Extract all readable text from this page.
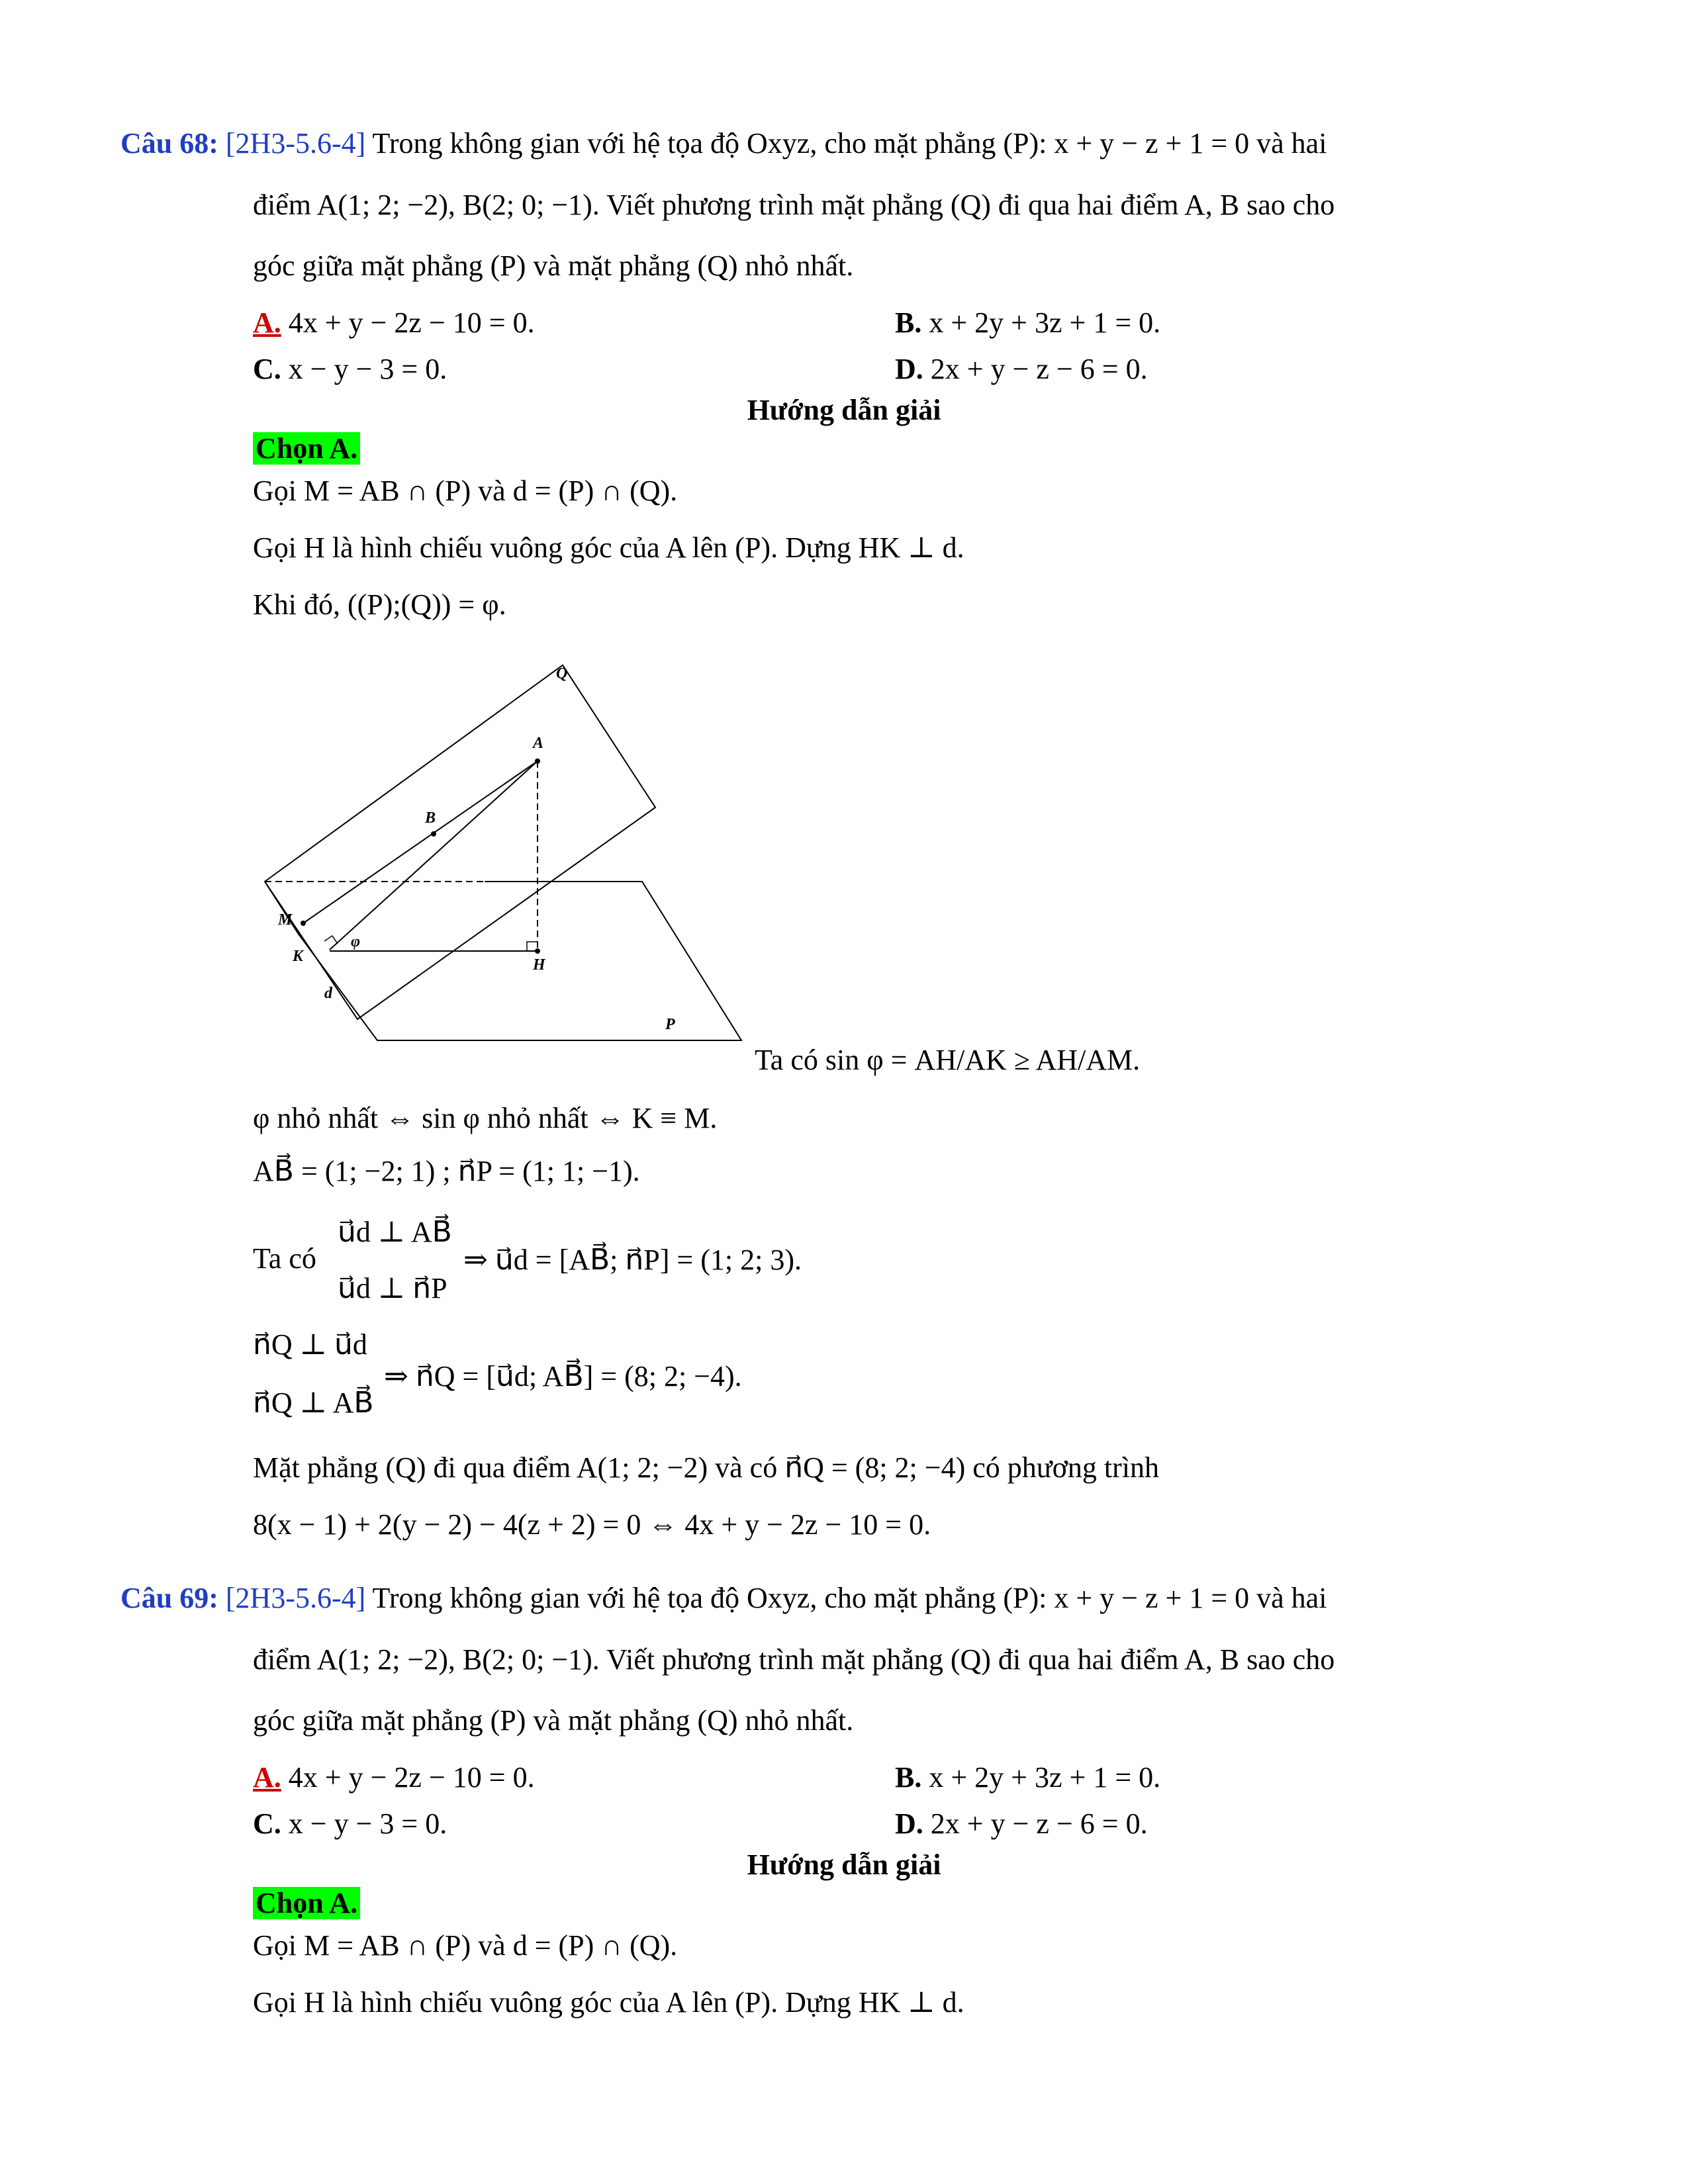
Câu 68: [2H3-5.6-4] Trong không gian với hệ tọa độ Oxyz, cho mặt phẳng (P): x + y − z + 1 = 0 và hai
điểm A(1; 2; −2), B(2; 0; −1). Viết phương trình mặt phẳng (Q) đi qua hai điểm A, B sao cho
góc giữa mặt phẳng (P) và mặt phẳng (Q) nhỏ nhất.
A. 4x + y − 2z − 10 = 0.	B. x + 2y + 3z + 1 = 0.
C. x − y − 3 = 0.	D. 2x + y − z − 6 = 0.
Hướng dẫn giải
Chọn A.
Gọi M = AB ∩ (P) và d = (P) ∩ (Q).
Gọi H là hình chiếu vuông góc của A lên (P). Dựng HK ⊥ d.
Khi đó, ((P);(Q)) = φ.
Q
A
B
M
K	H
d
P
φ
Ta có sin φ = AH/AK ≥ AH/AM.
φ nhỏ nhất ⇔ sin φ nhỏ nhất ⇔ K ≡ M.
AB⃗ = (1; −2; 1) ; n⃗P = (1; 1; −1).
Ta có
u⃗d ⊥ AB⃗
u⃗d ⊥ n⃗P
⇒ u⃗d = [AB⃗; n⃗P] = (1; 2; 3).
n⃗Q ⊥ u⃗d
n⃗Q ⊥ AB⃗
⇒ n⃗Q = [u⃗d; AB⃗] = (8; 2; −4).
Mặt phẳng (Q) đi qua điểm A(1; 2; −2) và có n⃗Q = (8; 2; −4) có phương trình
8(x − 1) + 2(y − 2) − 4(z + 2) = 0 ⇔ 4x + y − 2z − 10 = 0.
Câu 69: [2H3-5.6-4] Trong không gian với hệ tọa độ Oxyz, cho mặt phẳng (P): x + y − z + 1 = 0 và hai
điểm A(1; 2; −2), B(2; 0; −1). Viết phương trình mặt phẳng (Q) đi qua hai điểm A, B sao cho
góc giữa mặt phẳng (P) và mặt phẳng (Q) nhỏ nhất.
A. 4x + y − 2z − 10 = 0.	B. x + 2y + 3z + 1 = 0.
C. x − y − 3 = 0.	D. 2x + y − z − 6 = 0.
Hướng dẫn giải
Chọn A.
Gọi M = AB ∩ (P) và d = (P) ∩ (Q).
Gọi H là hình chiếu vuông góc của A lên (P). Dựng HK ⊥ d.
